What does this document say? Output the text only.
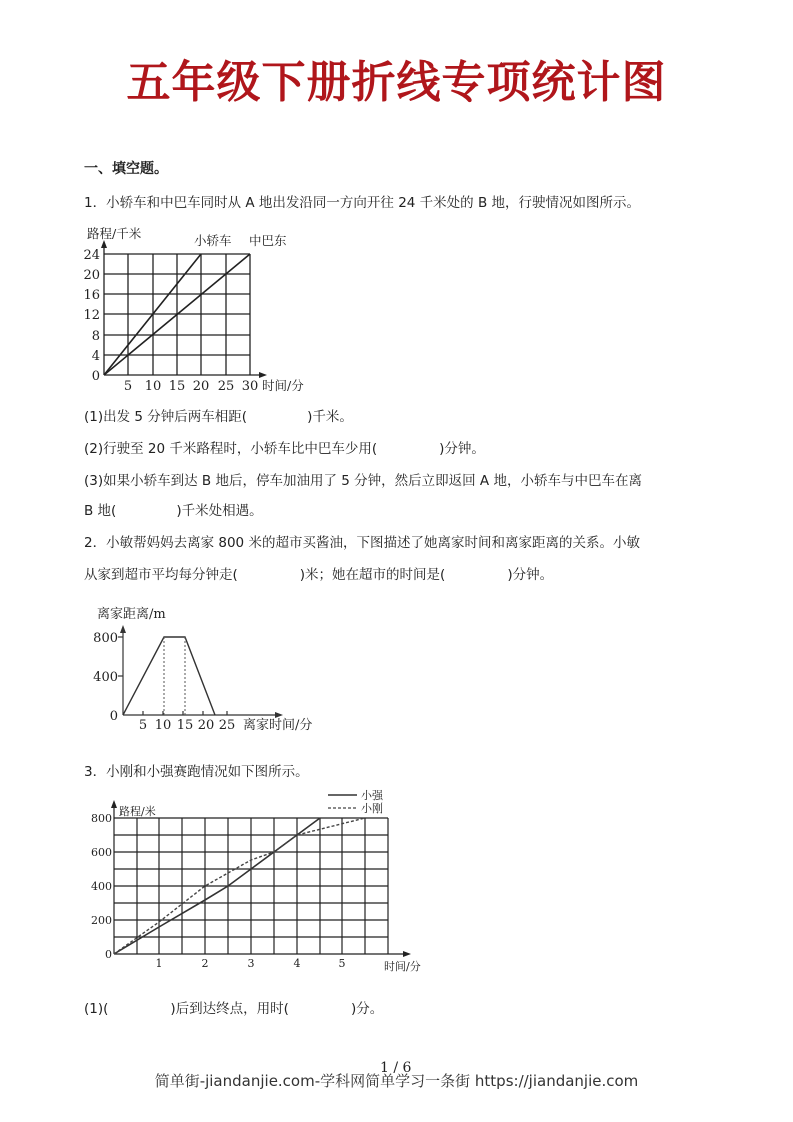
五年级下册折线专项统计图
一、填空题。
1．小轿车和中巴车同时从 A 地出发沿同一方向开往 24 千米处的 B 地，行驶情况如图所示。
24
20
16
12
8
4
0
5 10 15 20 25 30 时间/分
路程/千米	小轿车 中巴东
(1)出发 5 分钟后两车相距(	)千米。
(2)行驶至 20 千米路程时，小轿车比中巴车少用(	)分钟。
(3)如果小轿车到达 B 地后，停车加油用了 5 分钟，然后立即返回 A 地，小轿车与中巴车在离
B 地(	)千米处相遇。
2．小敏帮妈妈去离家 800 米的超市买酱油，下图描述了她离家时间和离家距离的关系。小敏
从家到超市平均每分钟走(	)米；她在超市的时间是(	)分钟。
800
400
0
5 10 15 20 25 离家时间/分
离家距离/m
3．小刚和小强赛跑情况如下图所示。
800
600
400
200
0
1	2	3	4	5	时间/分
路程/米
小强
小刚
(1)(	)后到达终点，用时(	)分。
1 / 6
简单街-jiandanjie.com-学科网简单学习一条街 https://jiandanjie.com
